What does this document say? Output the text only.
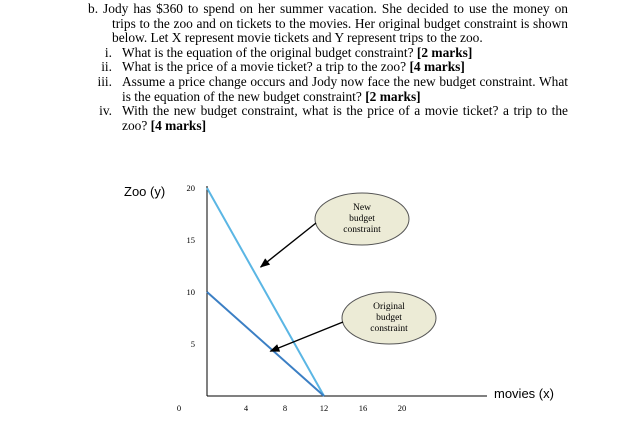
b. Jody has $360 to spend on her summer vacation. She decided to use the money on trips to the zoo and on tickets to the movies. Her original budget constraint is shown below. Let X represent movie tickets and Y represent trips to the zoo.

i. What is the equation of the original budget constraint? [2 marks]
ii. What is the price of a movie ticket? a trip to the zoo? [4 marks]
iii. Assume a price change occurs and Jody now face the new budget constraint. What is the equation of the new budget constraint? [2 marks]
iv. With the new budget constraint, what is the price of a movie ticket? a trip to the zoo? [4 marks]
Zoo (y)
movies (x)
0	4	8	12	16	20
5
10
15
20
New
budget
constraint
Original
budget
constraint
